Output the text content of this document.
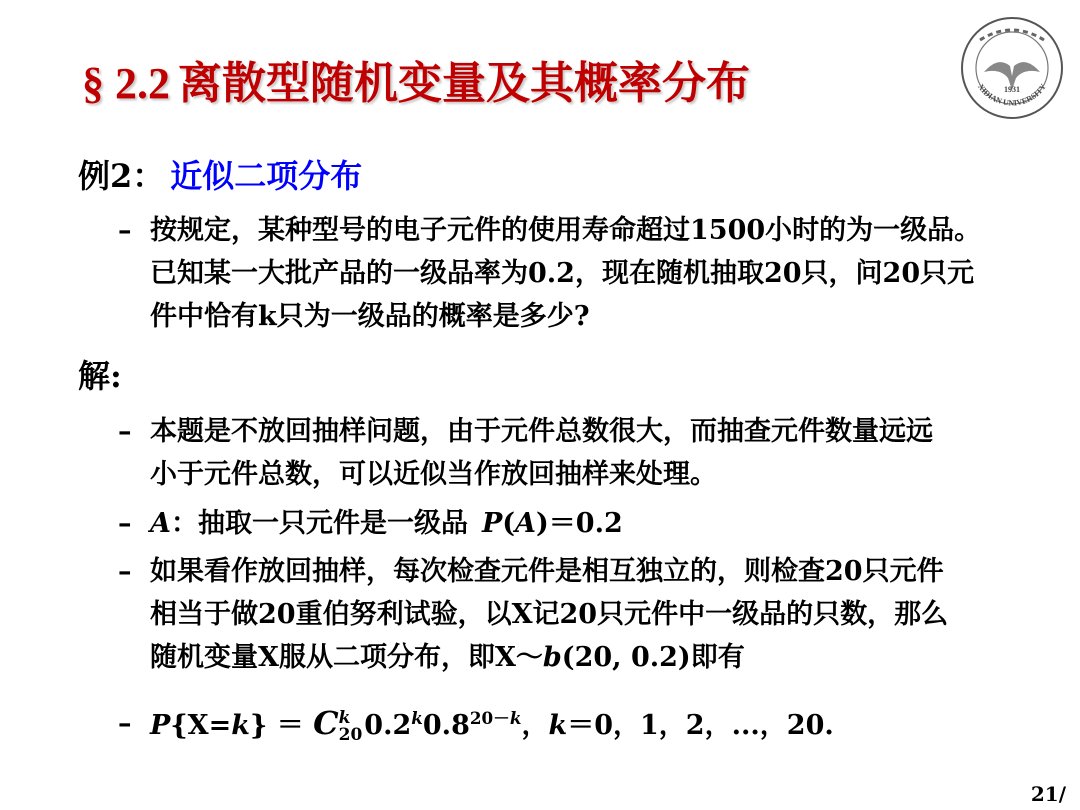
§ 2.2 离散型随机变量及其概率分布	1931
XIDIAN UNIVERSITY
例2： 近似二项分布
– 按规定，某种型号的电子元件的使用寿命超过1500小时的为一级品。
已知某一大批产品的一级品率为0.2，现在随机抽取20只，问20只元
件中恰有k只为一级品的概率是多少?
解:
– 本题是不放回抽样问题，由于元件总数很大，而抽查元件数量远远
小于元件总数，可以近似当作放回抽样来处理。
– A：抽取一只元件是一级品 P(A)＝0.2
– 如果看作放回抽样，每次检查元件是相互独立的，则检查20只元件
相当于做20重伯努利试验，以X记20只元件中一级品的只数，那么
随机变量X服从二项分布，即X～b(20, 0.2)即有
– P{X=k} ＝ C k
20 $0.2^k0.8^{20-k}$，k＝0，1，2，...，20.
21/
